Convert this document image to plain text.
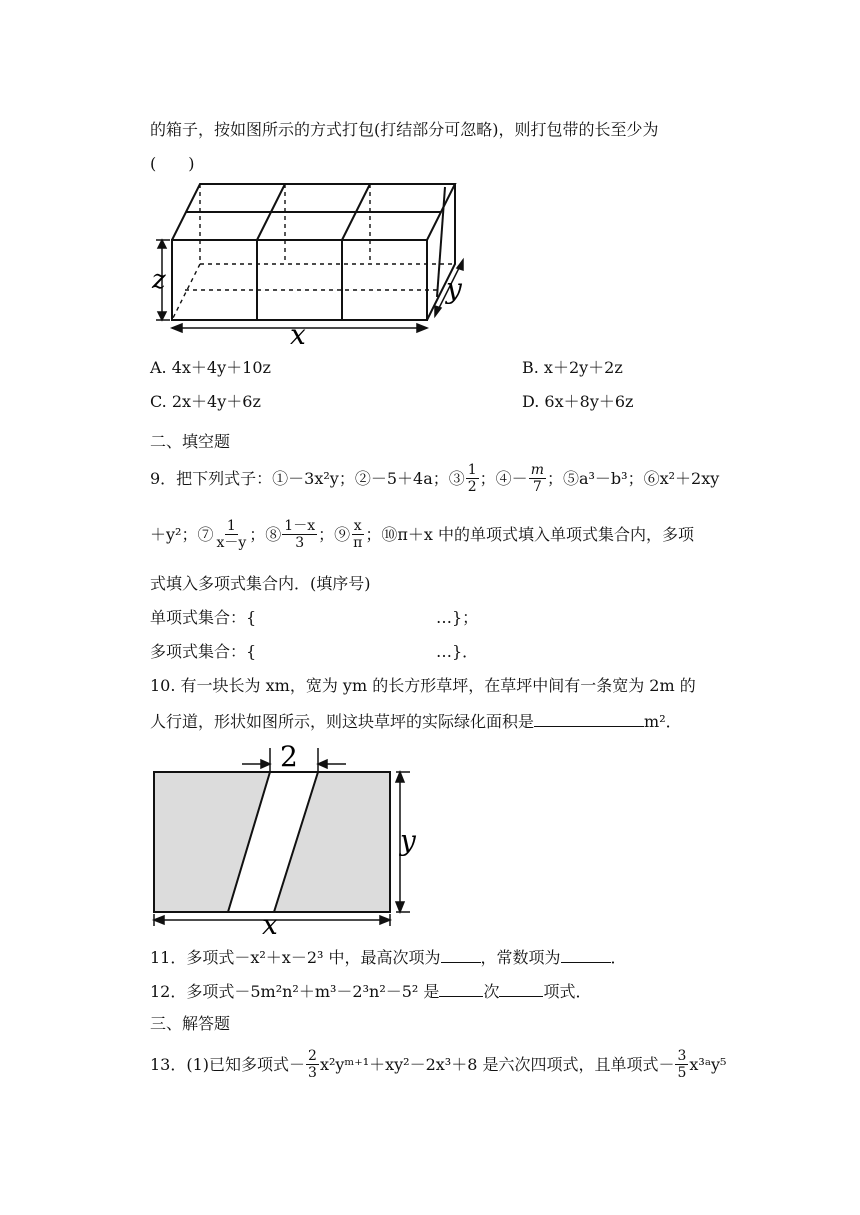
的箱子，按如图所示的方式打包(打结部分可忽略)，则打包带的长至少为
(　　)
z
x
y
A. 4x＋4y＋10z	B. x＋2y＋2z
C. 2x＋4y＋6z	D. 6x＋8y＋6z
二、填空题
9．把下列式子：①－3x²y；②－5＋4a；③ $\frac{1}{2}$ ；④－ $\frac{m}{7}$ ；⑤a³－b³；⑥x²＋2xy
＋y²；⑦ $\frac{1}{x-y}$ ；⑧ $\frac{1-x}{3}$ ；⑨ $\frac{x}{\pi}$ ；⑩π＋x 中的单项式填入单项式集合内，多项
式填入多项式集合内．(填序号)
单项式集合：{	…}；
多项式集合：{	…}．
10. 有一块长为 xm，宽为 ym 的长方形草坪，在草坪中间有一条宽为 2m 的
人行道，形状如图所示，则这块草坪的实际绿化面积是	m²．
2
y
x
11．多项式－x²＋x－2³ 中，最高次项为	，常数项为	．
12．多项式－5m²n²＋m³－2³n²－5² 是	次	项式．
三、解答题
13．(1)已知多项式－ $\frac{2}{3}$ x²yᵐ⁺¹＋xy²－2x³＋8 是六次四项式，且单项式－ $\frac{3}{5}$ x³ᵃy⁵
